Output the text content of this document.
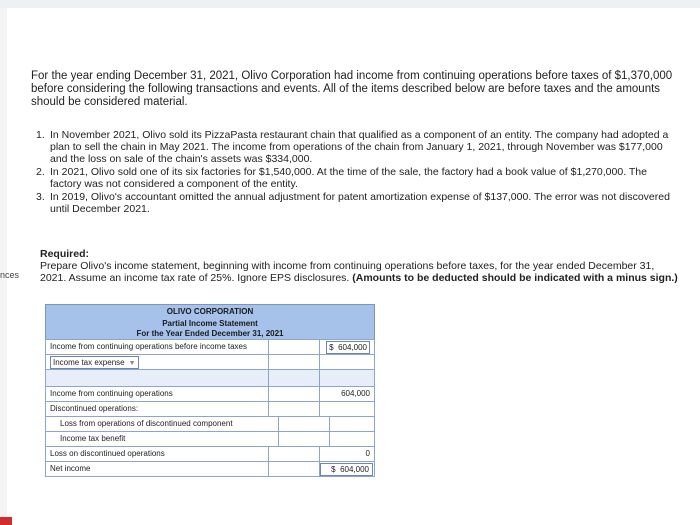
nces
For the year ending December 31, 2021, Olivo Corporation had income from continuing operations before taxes of $1,370,000 before considering the following transactions and events. All of the items described below are before taxes and the amounts should be considered material.
1. In November 2021, Olivo sold its PizzaPasta restaurant chain that qualified as a component of an entity. The company had adopted a plan to sell the chain in May 2021. The income from operations of the chain from January 1, 2021, through November was $177,000 and the loss on sale of the chain's assets was $334,000.
2. In 2021, Olivo sold one of its six factories for $1,540,000. At the time of the sale, the factory had a book value of $1,270,000. The factory was not considered a component of the entity.
3. In 2019, Olivo's accountant omitted the annual adjustment for patent amortization expense of $137,000. The error was not discovered until December 2021.
Required:
Prepare Olivo's income statement, beginning with income from continuing operations before taxes, for the year ended December 31, 2021. Assume an income tax rate of 25%. Ignore EPS disclosures. (Amounts to be deducted should be indicated with a minus sign.)
OLIVO CORPORATION
Partial Income Statement
For the Year Ended December 31, 2021
Income from continuing operations before income taxes	$ 604,000
Income tax expense ▼
Income from continuing operations	604,000
Discontinued operations:
Loss from operations of discontinued component
Income tax benefit
Loss on discontinued operations	0
Net income	$ 604,000
